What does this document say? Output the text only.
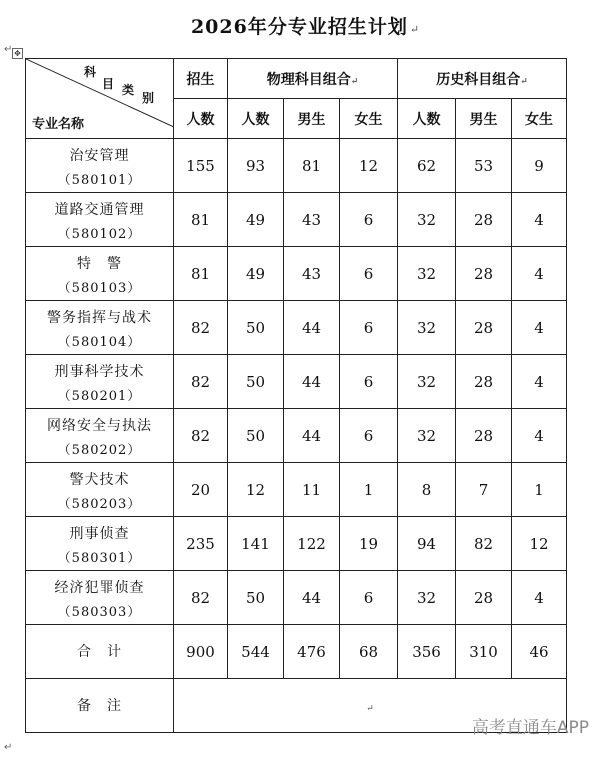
2026年分专业招生计划 ↵
✥
科
目 类
别
专业名称	招生	物理科目组合↵			历史科目组合↵		
	人数	人数	男生	女生	人数	男生	女生

治安管理
（580101）	155	93	81	12	62	53	9

道路交通管理
（580102）	81	49	43	6	32	28	4

特　警
（580103）	81	49	43	6	32	28	4

警务指挥与战术
（580104）	82	50	44	6	32	28	4

刑事科学技术
（580201）	82	50	44	6	32	28	4

网络安全与执法
（580202）	82	50	44	6	32	28	4

警犬技术
（580203）	20	12	11	1	8	7	1

刑事侦查
（580301）	235	141	122	19	94	82	12

经济犯罪侦查
（580303）	82	50	44	6	32	28	4
合　计	900	544	476	68	356	310	46
备　注	↵						
↵
↵
高考直通车APP
